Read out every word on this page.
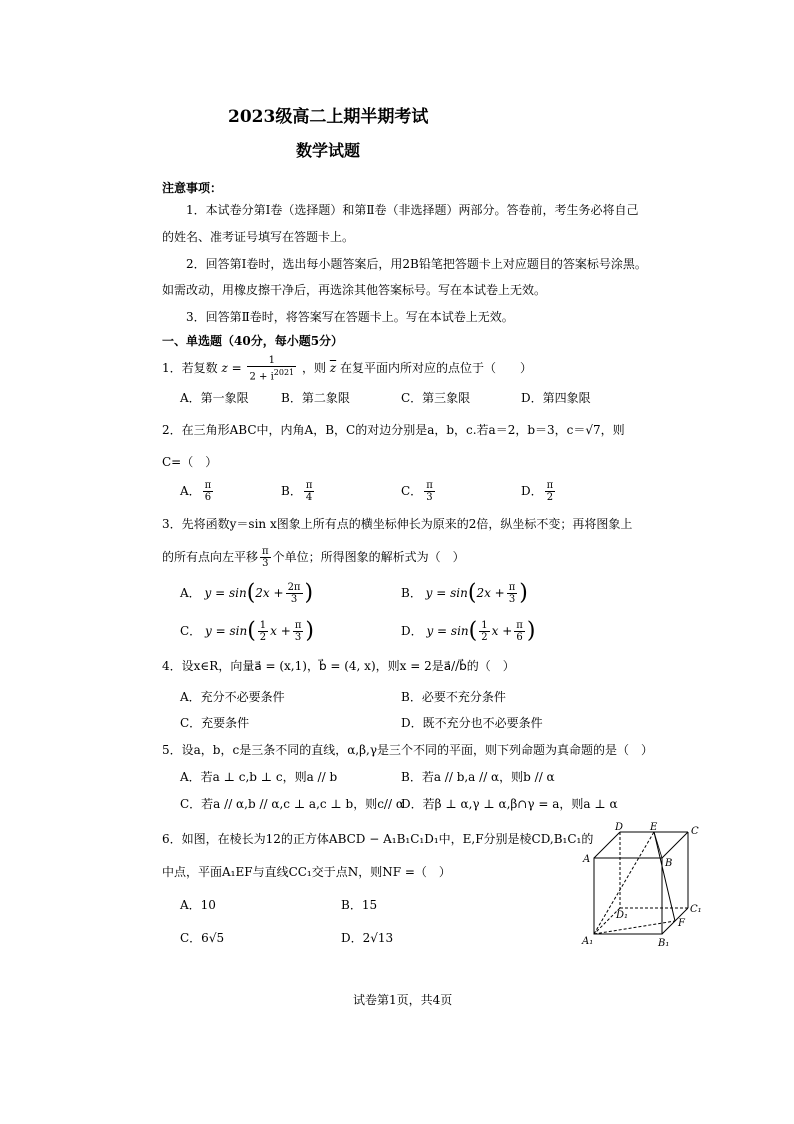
2023级高二上期半期考试
数学试题
注意事项：
1．本试卷分第Ⅰ卷（选择题）和第Ⅱ卷（非选择题）两部分。答卷前，考生务必将自己
的姓名、准考证号填写在答题卡上。
2．回答第Ⅰ卷时，选出每小题答案后，用2B铅笔把答题卡上对应题目的答案标号涂黑。
如需改动，用橡皮擦干净后，再选涂其他答案标号。写在本试卷上无效。
3．回答第Ⅱ卷时，将答案写在答题卡上。写在本试卷上无效。
一、单选题（40分，每小题5分）
1．若复数 $z = \frac{1}{2 + i^{2021}}$ ，则 $\overline{z}$ 在复平面内所对应的点位于（　　）
A．第一象限	B．第二象限	C．第三象限	D．第四象限
2．在三角形ABC中，内角A，B，C的对边分别是a，b，c.若a＝2，b＝3，c＝√7，则
C=（　）
A． $\frac{\pi}{6}$	B． $\frac{\pi}{4}$	C． $\frac{\pi}{3}$	D． $\frac{\pi}{2}$
3．先将函数y＝sin x图象上所有点的横坐标伸长为原来的2倍，纵坐标不变；再将图象上
的所有点向左平移 $\frac{\pi}{3}$ 个单位；所得图象的解析式为（　）
A． $y = \sin(2x + \frac{2\pi}{3}$ )	B． $y = \sin(2x + \frac{\pi}{3}$ )
C． $y = \sin( \frac{1}{2}$ $x + \frac{\pi}{3}$ )	D． $y = \sin( \frac{1}{2}$ $x + \frac{\pi}{6}$ )
4．设x∈R，向量a⃗ = (x,1)，b⃗ = (4, x)，则x = 2是a⃗//b⃗的（　）
A．充分不必要条件	B．必要不充分条件
C．充要条件	D．既不充分也不必要条件
5．设a，b，c是三条不同的直线，α,β,γ是三个不同的平面，则下列命题为真命题的是（　）
A．若a ⊥ c,b ⊥ c，则a // b	B．若a // b,a // α，则b // α
C．若a // α,b // α,c ⊥ a,c ⊥ b，则c// α
D．若β ⊥ α,γ ⊥ α,β∩γ = a，则a ⊥ α
6．如图，在棱长为12的正方体ABCD − A₁B₁C₁D₁中，E,F分别是棱CD,B₁C₁的
中点，平面A₁EF与直线CC₁交于点N，则NF =（　）
A．10	B．15
C．6√5	D．2√13
D	E	C
A	B
D₁
C₁
F
A₁	B₁
试卷第1页，共4页
